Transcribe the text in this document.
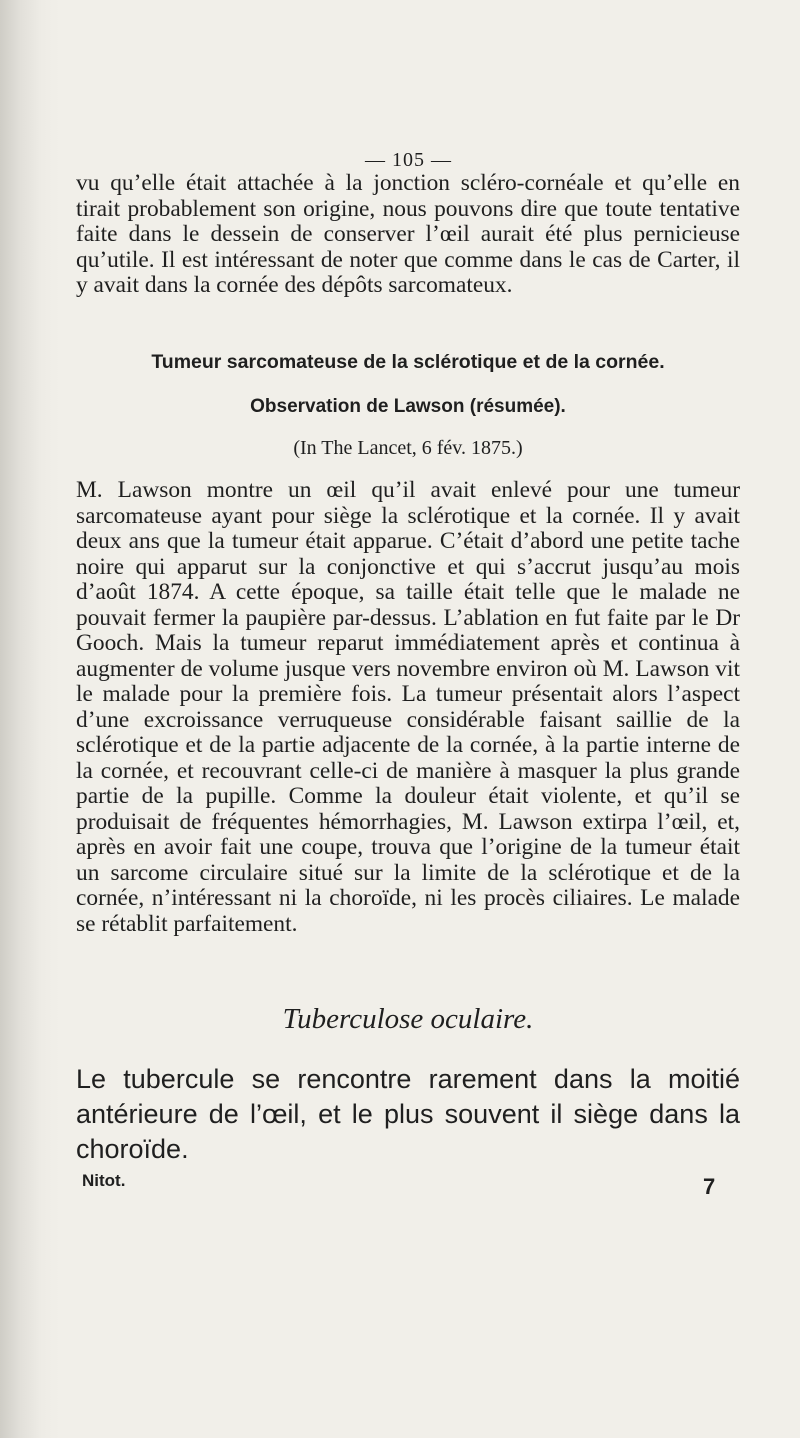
— 105 —

vu qu’elle était attachée à la jonction scléro-cornéale et qu’elle en tirait probablement son origine, nous pouvons dire que toute tentative faite dans le dessein de conserver l’œil aurait été plus pernicieuse qu’utile. Il est intéressant de noter que comme dans le cas de Carter, il y avait dans la cornée des dépôts sarcomateux.

Tumeur sarcomateuse de la sclérotique et de la cornée.
Observation de Lawson (résumée).
(In The Lancet, 6 fév. 1875.)

M. Lawson montre un œil qu’il avait enlevé pour une tumeur sarcomateuse ayant pour siège la sclérotique et la cornée. Il y avait deux ans que la tumeur était apparue. C’était d’abord une petite tache noire qui apparut sur la conjonctive et qui s’accrut jusqu’au mois d’août 1874. A cette époque, sa taille était telle que le malade ne pouvait fermer la paupière par-dessus. L’ablation en fut faite par le Dr Gooch. Mais la tumeur reparut immédiatement après et continua à augmenter de volume jusque vers novembre environ où M. Lawson vit le malade pour la première fois. La tumeur présentait alors l’aspect d’une excroissance verruqueuse considérable faisant saillie de la sclérotique et de la partie adjacente de la cornée, à la partie interne de la cornée, et recouvrant celle-ci de manière à masquer la plus grande partie de la pupille. Comme la douleur était violente, et qu’il se produisait de fréquentes hémorrhagies, M. Lawson extirpa l’œil, et, après en avoir fait une coupe, trouva que l’origine de la tumeur était un sarcome circulaire situé sur la limite de la sclérotique et de la cornée, n’intéressant ni la choroïde, ni les procès ciliaires. Le malade se rétablit parfaitement.

Tuberculose oculaire.
Le tubercule se rencontre rarement dans la moitié antérieure de l’œil, et le plus souvent il siège dans la choroïde.
Nitot.	7
